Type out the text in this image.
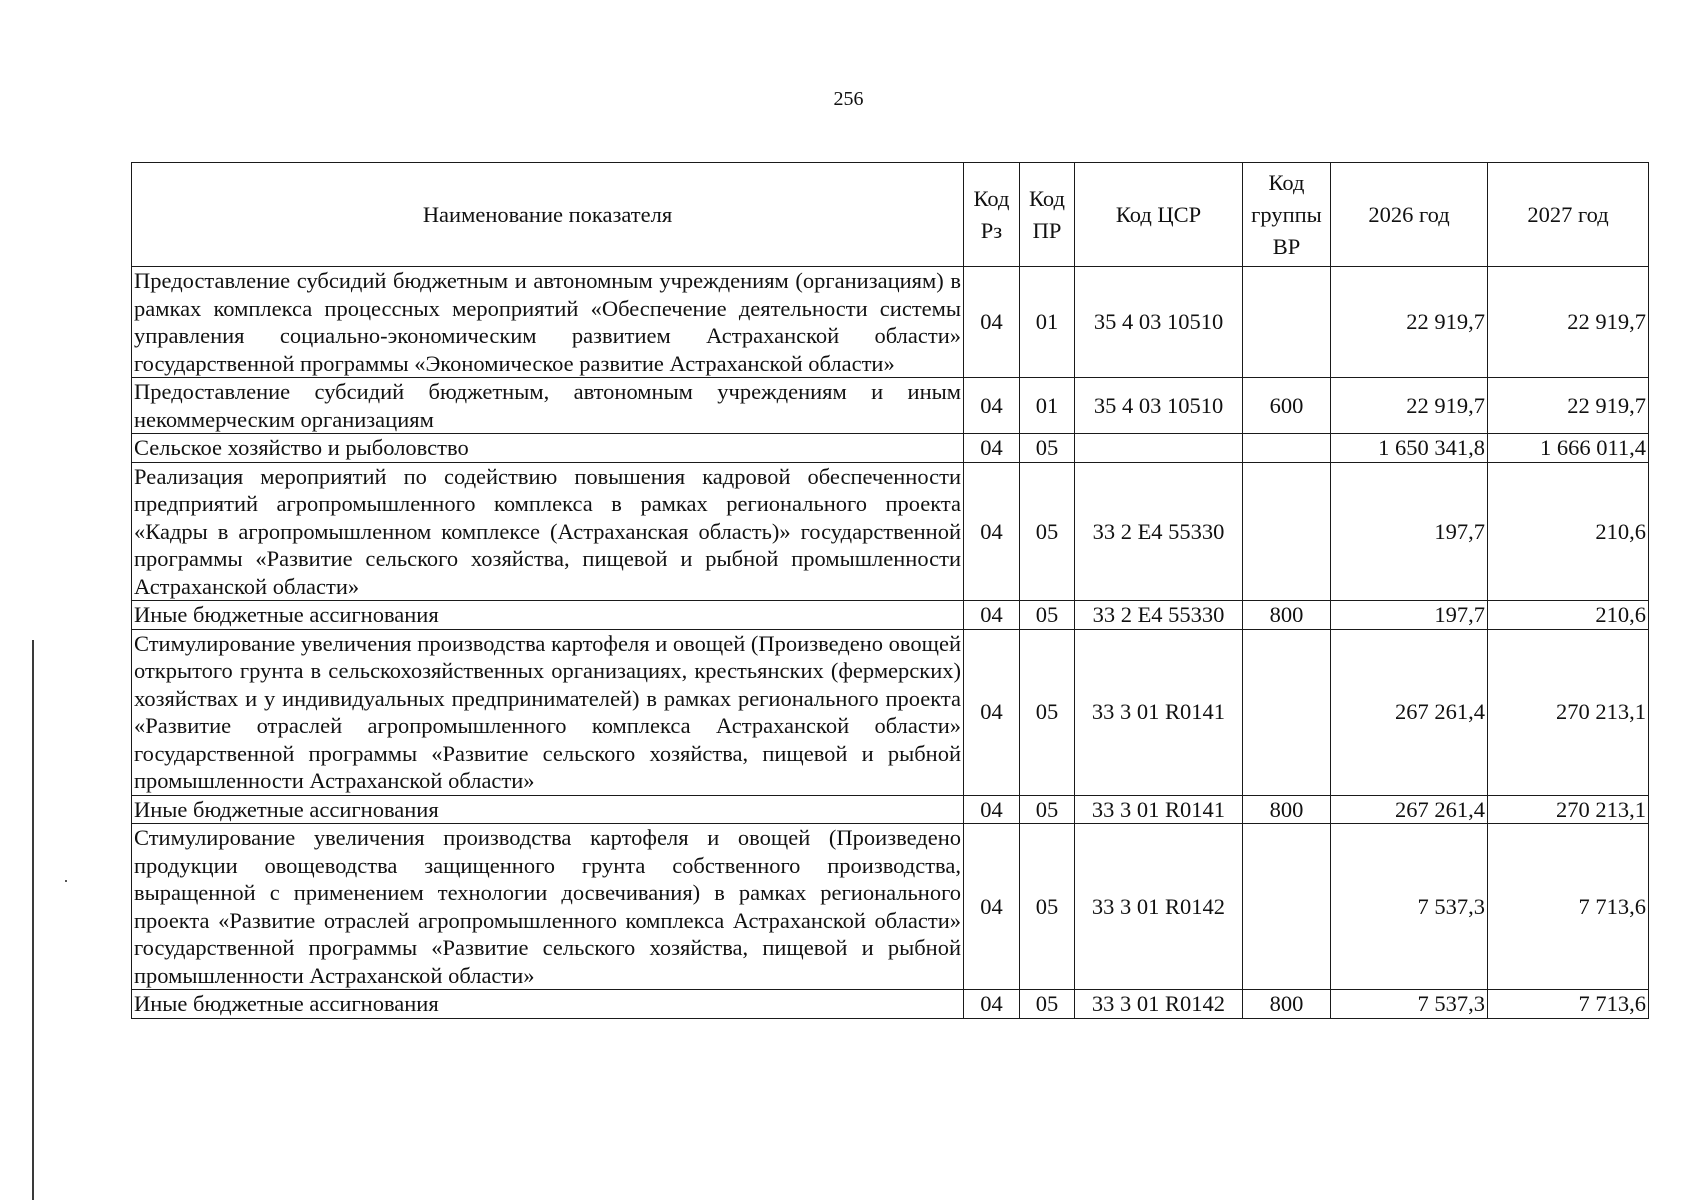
256
Наименование показателя	Код Рз	Код ПР	Код ЦСР	Код группы ВР	2026 год	2027 год
Предоставление субсидий бюджетным и автономным учреждениям (организациям) в рамках комплекса процессных мероприятий «Обеспечение деятельности системы управления социально-экономическим развитием Астраханской области» государственной программы «Экономическое развитие Астраханской области»	04	01	35 4 03 10510		22 919,7	22 919,7
Предоставление субсидий бюджетным, автономным учреждениям и иным некоммерческим организациям	04	01	35 4 03 10510	600	22 919,7	22 919,7
Сельское хозяйство и рыболовство	04	05			1 650 341,8	1 666 011,4
Реализация мероприятий по содействию повышения кадровой обеспеченности предприятий агропромышленного комплекса в рамках регионального проекта «Кадры в агропромышленном комплексе (Астраханская область)» государственной программы «Развитие сельского хозяйства, пищевой и рыбной промышленности Астраханской области»	04	05	33 2 Е4 55330		197,7	210,6
Иные бюджетные ассигнования	04	05	33 2 Е4 55330	800	197,7	210,6
Стимулирование увеличения производства картофеля и овощей (Произведено овощей открытого грунта в сельскохозяйственных организациях, крестьянских (фермерских) хозяйствах и у индивидуальных предпринимателей) в рамках регионального проекта «Развитие отраслей агропромышленного комплекса Астраханской области» государственной программы «Развитие сельского хозяйства, пищевой и рыбной промышленности Астраханской области»	04	05	33 3 01 R0141		267 261,4	270 213,1
Иные бюджетные ассигнования	04	05	33 3 01 R0141	800	267 261,4	270 213,1
Стимулирование увеличения производства картофеля и овощей (Произведено продукции овощеводства защищенного грунта собственного производства, выращенной с применением технологии досвечивания) в рамках регионального проекта «Развитие отраслей агропромышленного комплекса Астраханской области» государственной программы «Развитие сельского хозяйства, пищевой и рыбной промышленности Астраханской области»	04	05	33 3 01 R0142		7 537,3	7 713,6
Иные бюджетные ассигнования	04	05	33 3 01 R0142	800	7 537,3	7 713,6
